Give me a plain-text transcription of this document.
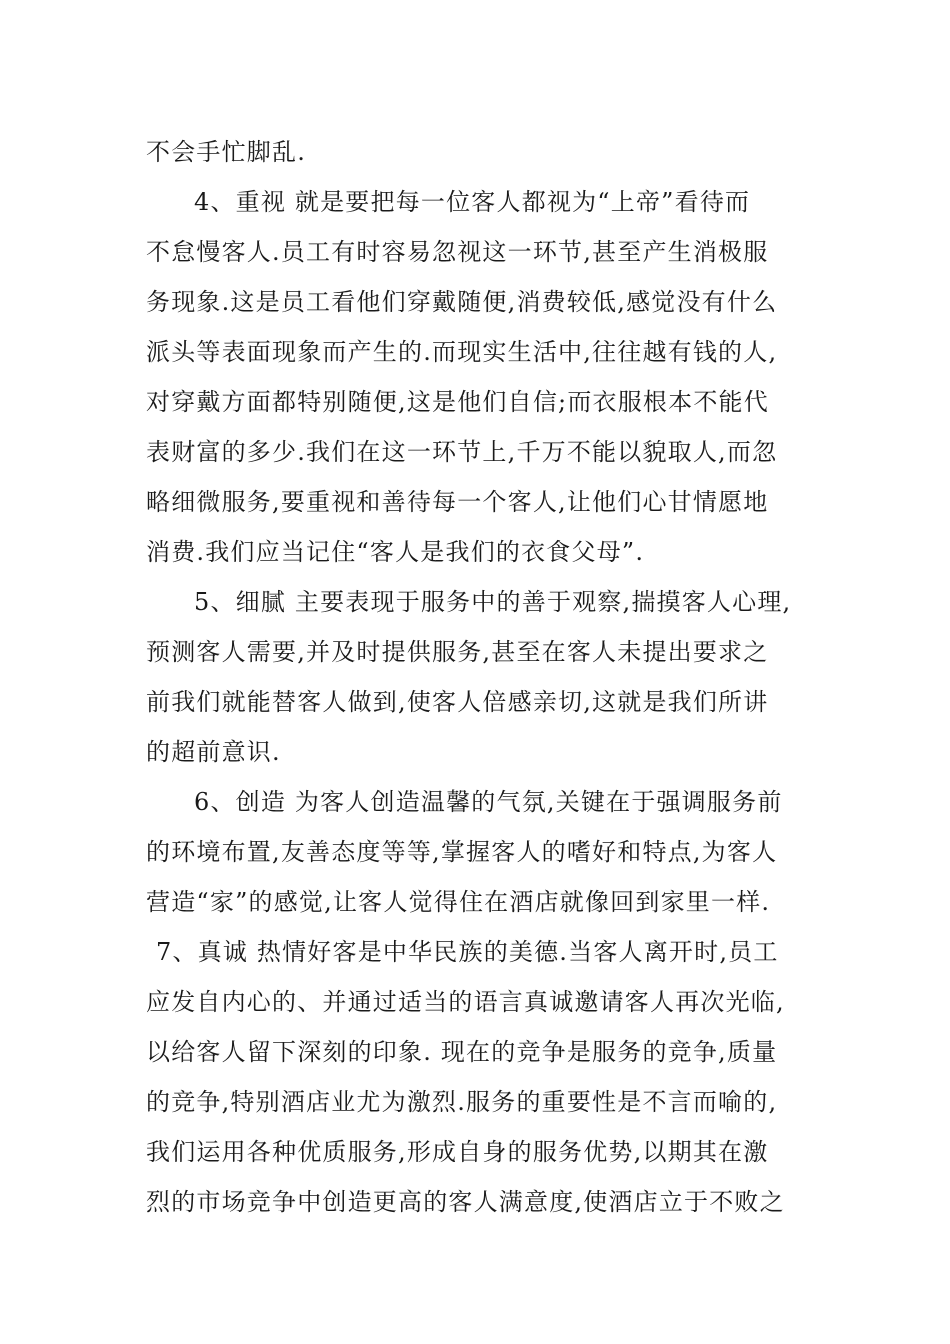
不会手忙脚乱.
4、重视 就是要把每一位客人都视为“上帝”看待而
不怠慢客人.员工有时容易忽视这一环节,甚至产生消极服
务现象.这是员工看他们穿戴随便,消费较低,感觉没有什么
派头等表面现象而产生的.而现实生活中,往往越有钱的人,
对穿戴方面都特别随便,这是他们自信;而衣服根本不能代
表财富的多少.我们在这一环节上,千万不能以貌取人,而忽
略细微服务,要重视和善待每一个客人,让他们心甘情愿地
消费.我们应当记住“客人是我们的衣食父母”.
5、细腻 主要表现于服务中的善于观察,揣摸客人心理,
预测客人需要,并及时提供服务,甚至在客人未提出要求之
前我们就能替客人做到,使客人倍感亲切,这就是我们所讲
的超前意识.
6、创造 为客人创造温馨的气氛,关键在于强调服务前
的环境布置,友善态度等等,掌握客人的嗜好和特点,为客人
营造“家”的感觉,让客人觉得住在酒店就像回到家里一样.
7、真诚 热情好客是中华民族的美德.当客人离开时,员工
应发自内心的、并通过适当的语言真诚邀请客人再次光临,
以给客人留下深刻的印象. 现在的竞争是服务的竞争,质量
的竞争,特别酒店业尤为激烈.服务的重要性是不言而喻的,
我们运用各种优质服务,形成自身的服务优势,以期其在激
烈的市场竞争中创造更高的客人满意度,使酒店立于不败之
